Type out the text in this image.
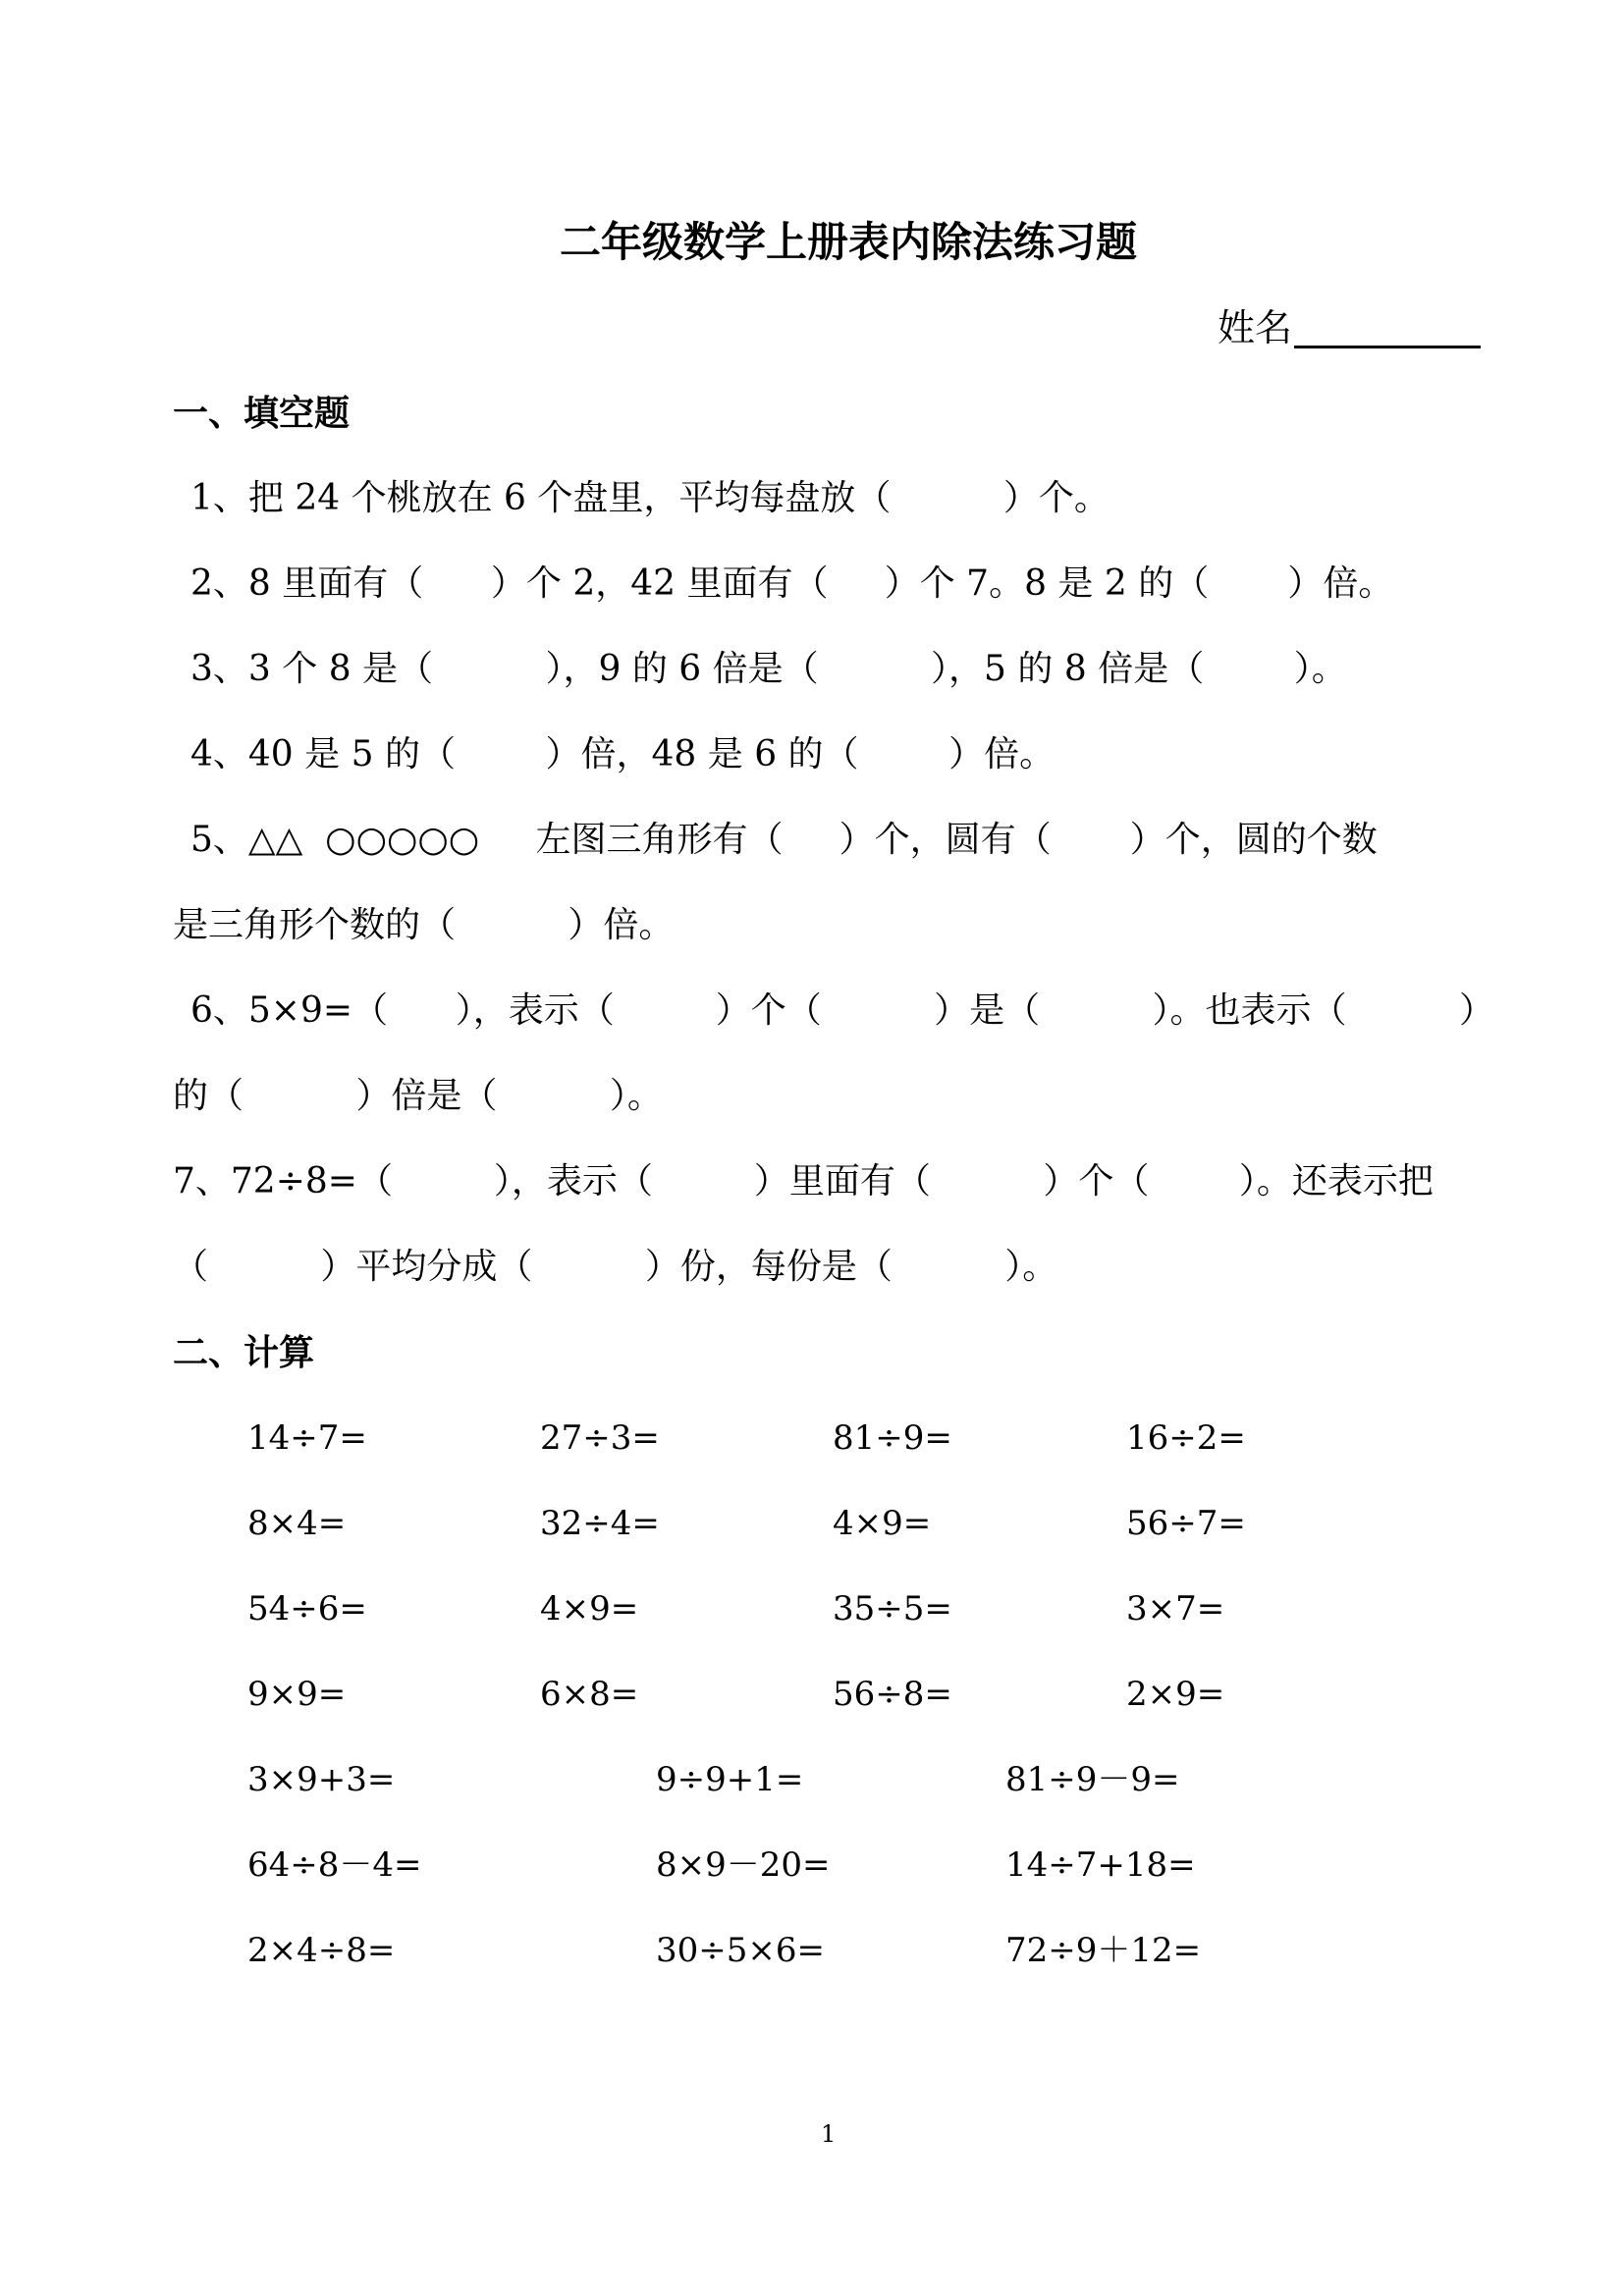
二年级数学上册表内除法练习题
姓名
一、填空题
1、把 24 个桃放在 6 个盘里，平均每盘放（          ）个。
2、8 里面有（      ）个 2，42 里面有（     ）个 7。8 是 2 的（       ）倍。
3、3 个 8 是（          ），9 的 6 倍是（          ），5 的 8 倍是（        ）。
4、40 是 5 的（        ）倍，48 是 6 的（        ）倍。
5、△△  ○○○○○     左图三角形有（     ）个，圆有（       ）个，圆的个数
是三角形个数的（          ）倍。
6、5×9=（      ），表示（         ）个（          ）是（          ）。也表示（          ）
的（          ）倍是（          ）。
7、72÷8=（         ），表示（         ）里面有（          ）个（        ）。还表示把
（          ）平均分成（          ）份，每份是（          ）。
二、计算
14÷7=	27÷3=	81÷9=	16÷2=
8×4=	32÷4=	4×9=	56÷7=
54÷6=	4×9=	35÷5=	3×7=
9×9=	6×8=	56÷8=	2×9=
3×9+3=	9÷9+1=	81÷9－9=
64÷8－4=	8×9－20=	14÷7+18=
2×4÷8=	30÷5×6=	72÷9＋12=
1
